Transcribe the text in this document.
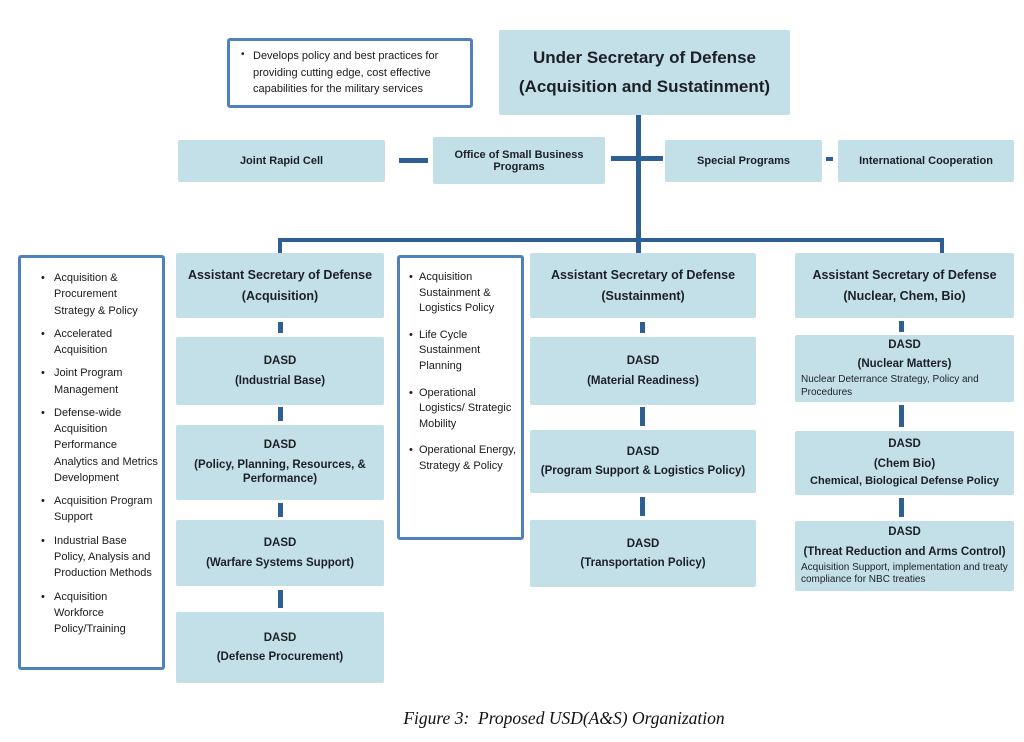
• Develops policy and best practices for providing cutting edge, cost effective capabilities for the military services
Under Secretary of Defense
(Acquisition and Sustatinment)
Joint Rapid Cell
Office of Small Business Programs	Special Programs	International Cooperation
• Acquisition & Procurement Strategy & Policy
• Accelerated Acquisition
• Joint Program Management
• Defense-wide Acquisition Performance Analytics and Metrics Development
• Acquisition Program Support
• Industrial Base Policy, Analysis and Production Methods
• Acquisition Workforce Policy/Training
Assistant Secretary of Defense
(Acquisition)
DASD
(Industrial Base)
DASD
(Policy, Planning, Resources, & Performance)
DASD
(Warfare Systems Support)
DASD
(Defense Procurement)
• Acquisition Sustainment & Logistics Policy
• Life Cycle Sustainment Planning
• Operational Logistics/ Strategic Mobility
• Operational Energy, Strategy & Policy
Assistant Secretary of Defense
(Sustainment)
DASD
(Material Readiness)
DASD
(Program Support & Logistics Policy)
DASD
(Transportation Policy)
Assistant Secretary of Defense
(Nuclear, Chem, Bio)
DASD
(Nuclear Matters)
Nuclear Deterrance Strategy, Policy and Procedures
DASD
(Chem Bio)
Chemical, Biological Defense Policy
DASD
(Threat Reduction and Arms Control)
Acquisition Support, implementation and treaty compliance for NBC treaties
Figure 3:  Proposed USD(A&S) Organization
